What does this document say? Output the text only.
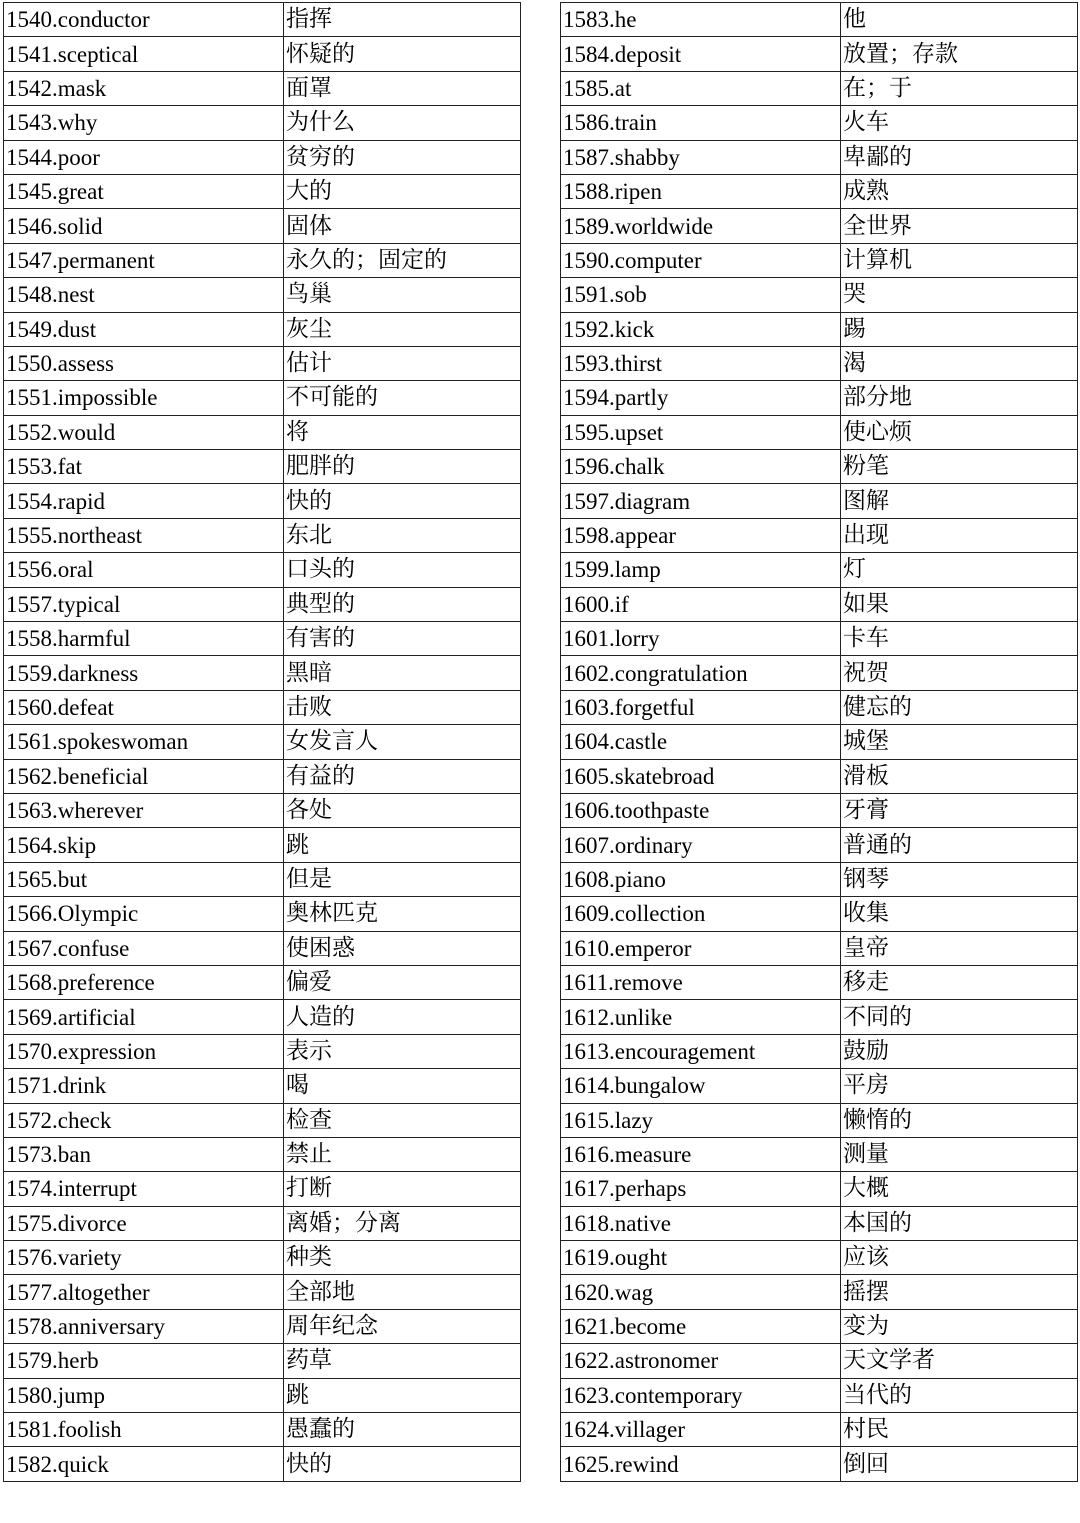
1540.conductor	指挥
1541.sceptical	怀疑的
1542.mask	面罩
1543.why	为什么
1544.poor	贫穷的
1545.great	大的
1546.solid	固体
1547.permanent	永久的；固定的
1548.nest	鸟巢
1549.dust	灰尘
1550.assess	估计
1551.impossible	不可能的
1552.would	将
1553.fat	肥胖的
1554.rapid	快的
1555.northeast	东北
1556.oral	口头的
1557.typical	典型的
1558.harmful	有害的
1559.darkness	黑暗
1560.defeat	击败
1561.spokeswoman	女发言人
1562.beneficial	有益的
1563.wherever	各处
1564.skip	跳
1565.but	但是
1566.Olympic	奥林匹克
1567.confuse	使困惑
1568.preference	偏爱
1569.artificial	人造的
1570.expression	表示
1571.drink	喝
1572.check	检查
1573.ban	禁止
1574.interrupt	打断
1575.divorce	离婚；分离
1576.variety	种类
1577.altogether	全部地
1578.anniversary	周年纪念
1579.herb	药草
1580.jump	跳
1581.foolish	愚蠢的
1582.quick	快的
1583.he	他
1584.deposit	放置；存款
1585.at	在；于
1586.train	火车
1587.shabby	卑鄙的
1588.ripen	成熟
1589.worldwide	全世界
1590.computer	计算机
1591.sob	哭
1592.kick	踢
1593.thirst	渴
1594.partly	部分地
1595.upset	使心烦
1596.chalk	粉笔
1597.diagram	图解
1598.appear	出现
1599.lamp	灯
1600.if	如果
1601.lorry	卡车
1602.congratulation	祝贺
1603.forgetful	健忘的
1604.castle	城堡
1605.skatebroad	滑板
1606.toothpaste	牙膏
1607.ordinary	普通的
1608.piano	钢琴
1609.collection	收集
1610.emperor	皇帝
1611.remove	移走
1612.unlike	不同的
1613.encouragement	鼓励
1614.bungalow	平房
1615.lazy	懒惰的
1616.measure	测量
1617.perhaps	大概
1618.native	本国的
1619.ought	应该
1620.wag	摇摆
1621.become	变为
1622.astronomer	天文学者
1623.contemporary	当代的
1624.villager	村民
1625.rewind	倒回
